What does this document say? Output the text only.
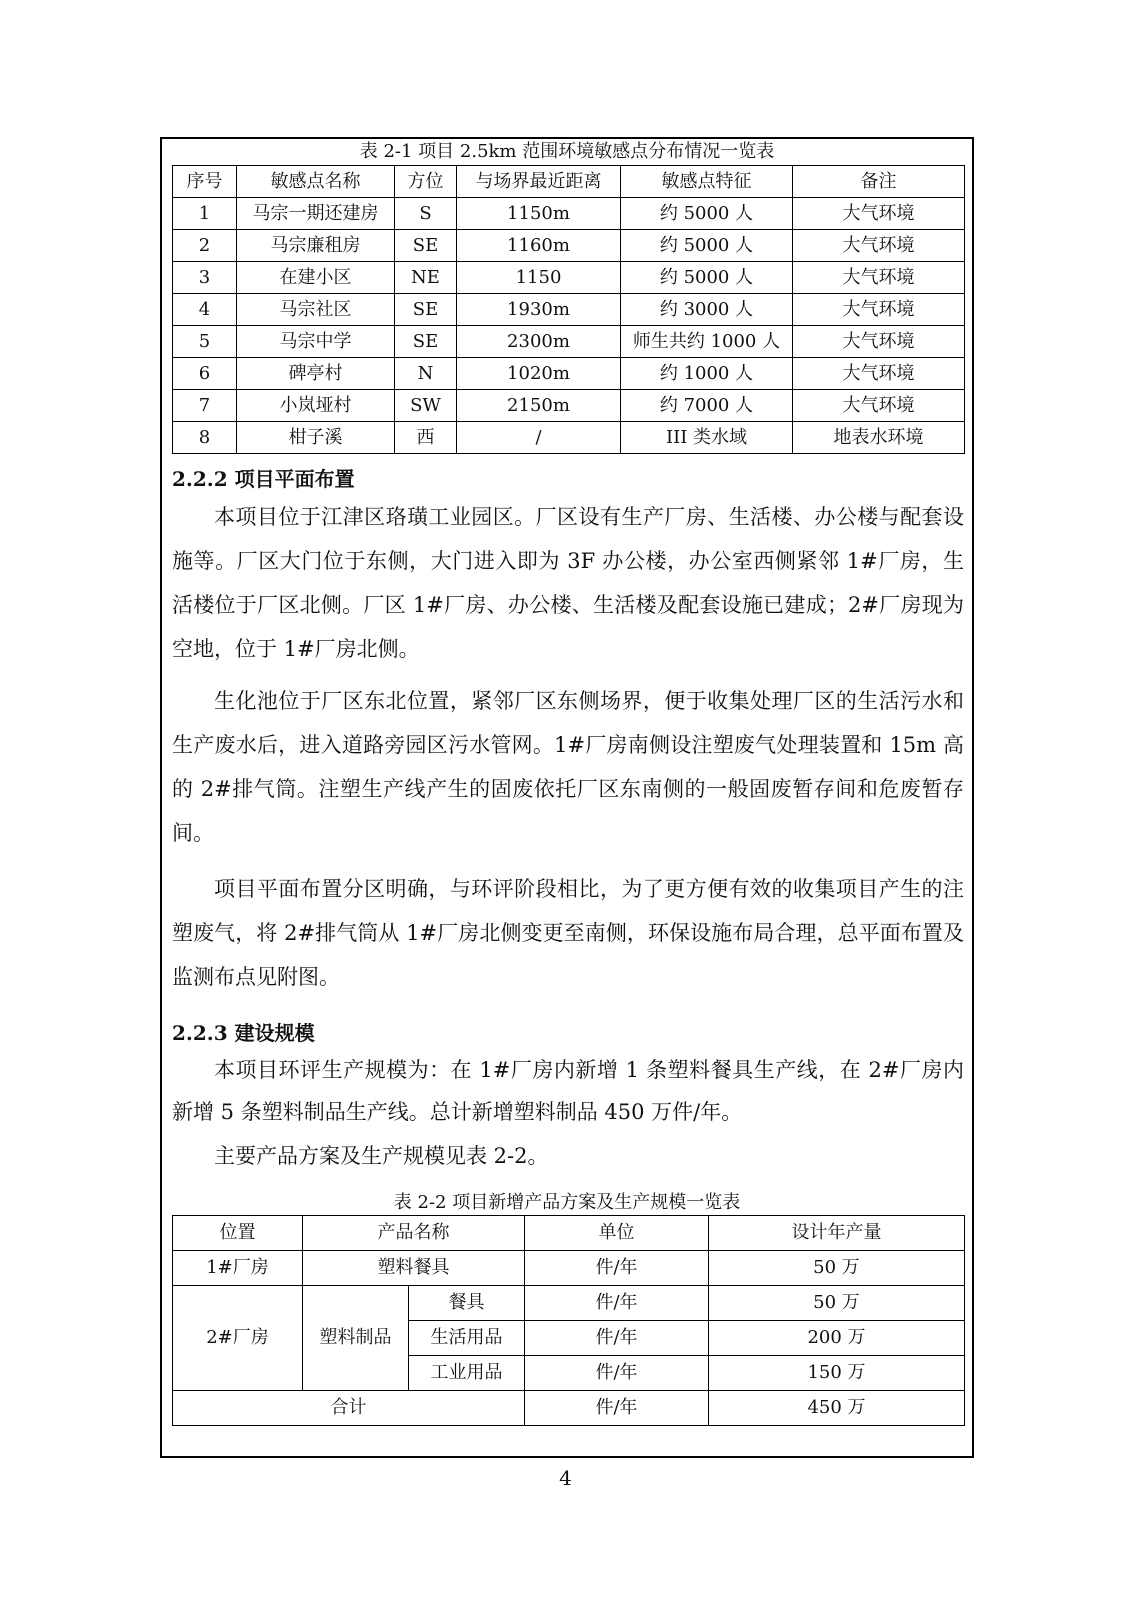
表 2-1 项目 2.5km 范围环境敏感点分布情况一览表
序号	敏感点名称	方位	与场界最近距离	敏感点特征	备注
1	马宗一期还建房	S	1150m	约 5000 人	大气环境
2	马宗廉租房	SE	1160m	约 5000 人	大气环境
3	在建小区	NE	1150	约 5000 人	大气环境
4	马宗社区	SE	1930m	约 3000 人	大气环境
5	马宗中学	SE	2300m	师生共约 1000 人	大气环境
6	碑亭村	N	1020m	约 1000 人	大气环境
7	小岚垭村	SW	2150m	约 7000 人	大气环境
8	柑子溪	西	/	III 类水域	地表水环境
2.2.2 项目平面布置

本项目位于江津区珞璜工业园区。厂区设有生产厂房、生活楼、办公楼与配套设施等。厂区大门位于东侧，大门进入即为 3F 办公楼，办公室西侧紧邻 1#厂房，生活楼位于厂区北侧。厂区 1#厂房、办公楼、生活楼及配套设施已建成；2#厂房现为空地，位于 1#厂房北侧。

生化池位于厂区东北位置，紧邻厂区东侧场界，便于收集处理厂区的生活污水和生产废水后，进入道路旁园区污水管网。1#厂房南侧设注塑废气处理装置和 15m 高的 2#排气筒。注塑生产线产生的固废依托厂区东南侧的一般固废暂存间和危废暂存间。

项目平面布置分区明确，与环评阶段相比，为了更方便有效的收集项目产生的注塑废气，将 2#排气筒从 1#厂房北侧变更至南侧，环保设施布局合理，总平面布置及监测布点见附图。

2.2.3 建设规模

本项目环评生产规模为：在 1#厂房内新增 1 条塑料餐具生产线，在 2#厂房内新增 5 条塑料制品生产线。总计新增塑料制品 450 万件/年。

主要产品方案及生产规模见表 2-2。

表 2-2 项目新增产品方案及生产规模一览表
位置	产品名称		单位	设计年产量
1#厂房	塑料餐具		件/年	50 万
2#厂房	塑料制品	餐具	件/年	50 万
		生活用品	件/年	200 万
		工业用品	件/年	150 万
合计			件/年	450 万
4
